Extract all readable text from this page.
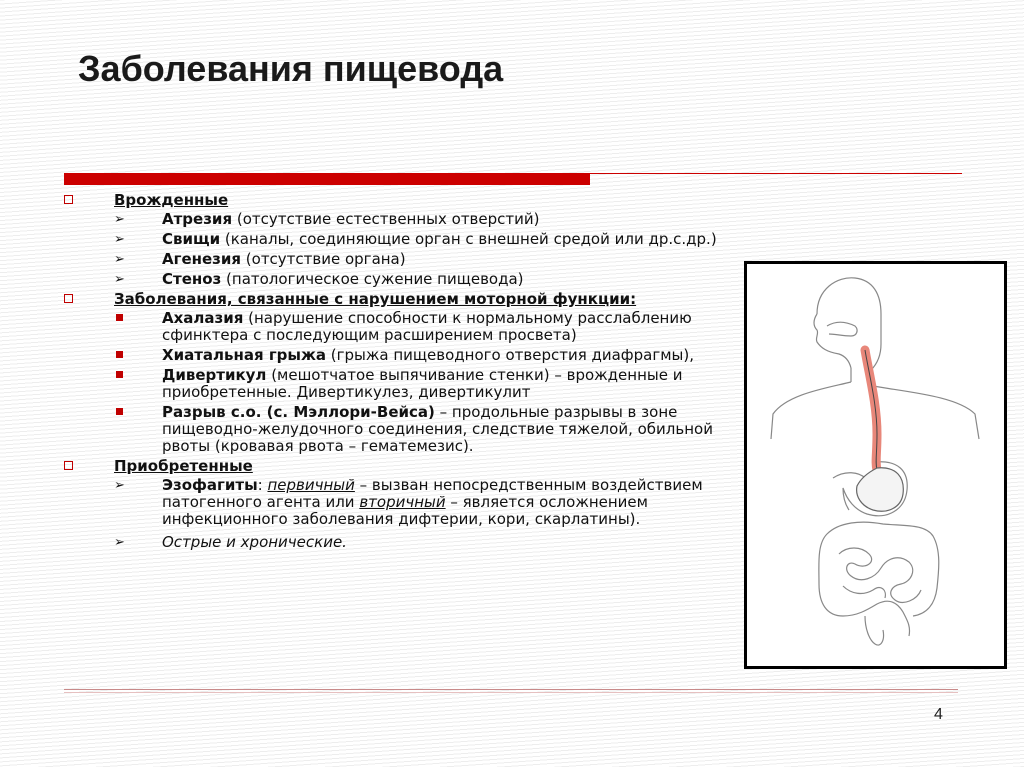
Заболевания пищевода
Врожденные
➢ Атрезия (отсутствие естественных отверстий)
➢ Свищи (каналы, соединяющие орган с внешней средой или др.с.др.)
➢ Агенезия (отсутствие органа)
➢ Стеноз (патологическое сужение пищевода)
Заболевания, связанные с нарушением моторной функции:
Ахалазия (нарушение способности к нормальному расслаблению сфинктера с последующим расширением просвета)
Хиатальная грыжа (грыжа пищеводного отверстия диафрагмы),
Дивертикул (мешотчатое выпячивание стенки) – врожденные и приобретенные. Дивертикулез, дивертикулит
Разрыв с.о. (с. Мэллори-Вейса) – продольные разрывы в зоне пищеводно-желудочного соединения, следствие тяжелой, обильной рвоты (кровавая рвота – гематемезис).
Приобретенные
➢ Эзофагиты: первичный – вызван непосредственным воздействием патогенного агента или вторичный – является осложнением инфекционного заболевания дифтерии, кори, скарлатины).
➢ Острые и хронические.
4
